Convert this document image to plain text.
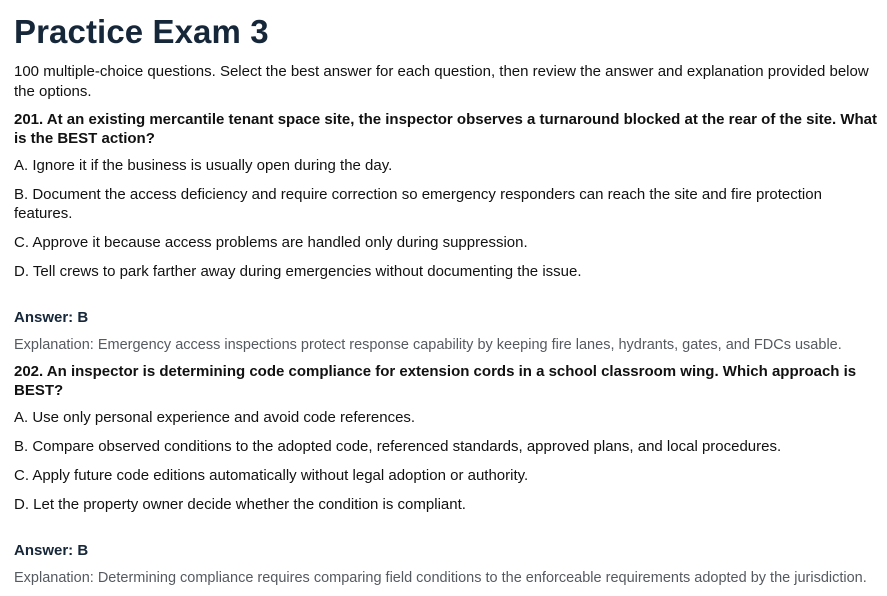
Practice Exam 3

100 multiple-choice questions. Select the best answer for each question, then review the answer and explanation provided below the options.

201. At an existing mercantile tenant space site, the inspector observes a turnaround blocked at the rear of the site. What is the BEST action?

A. Ignore it if the business is usually open during the day.

B. Document the access deficiency and require correction so emergency responders can reach the site and fire protection features.

C. Approve it because access problems are handled only during suppression.

D. Tell crews to park farther away during emergencies without documenting the issue.

Answer: B

Explanation: Emergency access inspections protect response capability by keeping fire lanes, hydrants, gates, and FDCs usable.

202. An inspector is determining code compliance for extension cords in a school classroom wing. Which approach is BEST?

A. Use only personal experience and avoid code references.

B. Compare observed conditions to the adopted code, referenced standards, approved plans, and local procedures.

C. Apply future code editions automatically without legal adoption or authority.

D. Let the property owner decide whether the condition is compliant.

Answer: B

Explanation: Determining compliance requires comparing field conditions to the enforceable requirements adopted by the jurisdiction.
